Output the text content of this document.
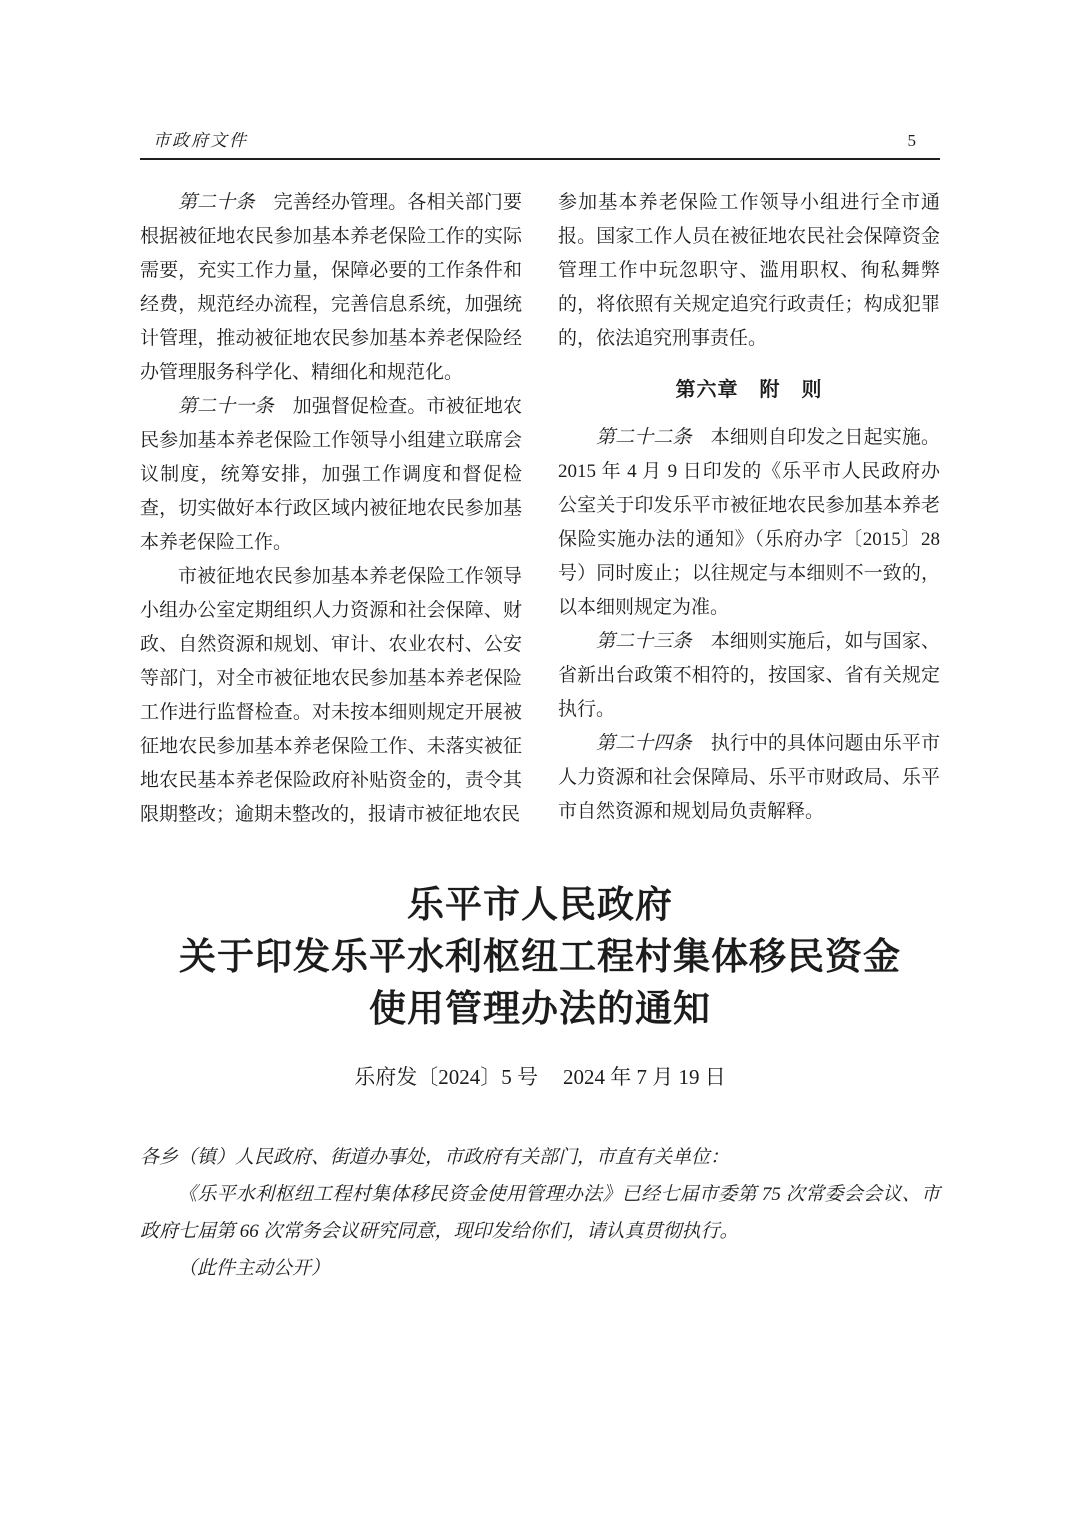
市政府文件	5

第二十条　完善经办管理。各相关部门要根据被征地农民参加基本养老保险工作的实际需要，充实工作力量，保障必要的工作条件和经费，规范经办流程，完善信息系统，加强统计管理，推动被征地农民参加基本养老保险经办管理服务科学化、精细化和规范化。

第二十一条　加强督促检查。市被征地农民参加基本养老保险工作领导小组建立联席会议制度，统筹安排，加强工作调度和督促检查，切实做好本行政区域内被征地农民参加基本养老保险工作。

市被征地农民参加基本养老保险工作领导小组办公室定期组织人力资源和社会保障、财政、自然资源和规划、审计、农业农村、公安等部门，对全市被征地农民参加基本养老保险工作进行监督检查。对未按本细则规定开展被征地农民参加基本养老保险工作、未落实被征地农民基本养老保险政府补贴资金的，责令其限期整改；逾期未整改的，报请市被征地农民

参加基本养老保险工作领导小组进行全市通报。国家工作人员在被征地农民社会保障资金管理工作中玩忽职守、滥用职权、徇私舞弊的，将依照有关规定追究行政责任；构成犯罪的，依法追究刑事责任。

第六章　附　则

第二十二条　本细则自印发之日起实施。2015 年 4 月 9 日印发的《乐平市人民政府办公室关于印发乐平市被征地农民参加基本养老保险实施办法的通知》（乐府办字〔2015〕28 号）同时废止；以往规定与本细则不一致的，以本细则规定为准。

第二十三条　本细则实施后，如与国家、省新出台政策不相符的，按国家、省有关规定执行。

第二十四条　执行中的具体问题由乐平市人力资源和社会保障局、乐平市财政局、乐平市自然资源和规划局负责解释。

乐平市人民政府
关于印发乐平水利枢纽工程村集体移民资金
使用管理办法的通知
乐府发〔2024〕5 号 2024 年 7 月 19 日

各乡（镇）人民政府、街道办事处，市政府有关部门，市直有关单位：

《乐平水利枢纽工程村集体移民资金使用管理办法》已经七届市委第 75 次常委会会议、市政府七届第 66 次常务会议研究同意，现印发给你们，请认真贯彻执行。

（此件主动公开）
